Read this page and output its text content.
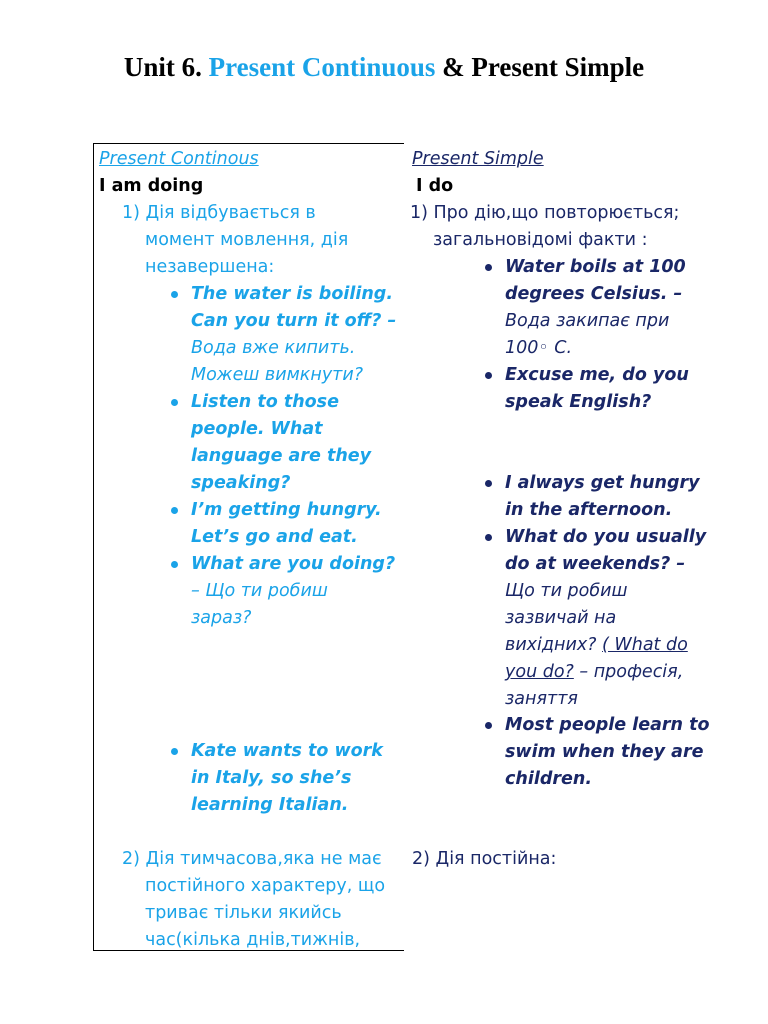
Unit 6. Present Continuous & Present Simple
Present Continous
I am doing
1) Дія відбувається в
момент мовлення, дія
незавершена:
The water is boiling.
Can you turn it off? –
Вода вже кипить.
Можеш вимкнути?
Listen to those
people. What
language are they
speaking?
I’m getting hungry.
Let’s go and eat.
What are you doing?
– Що ти робиш
зараз?
Kate wants to work
in Italy, so she’s
learning Italian.
2) Дія тимчасова,яка не має
постійного характеру, що
триває тільки якийсь
час(кілька днів,тижнів,
Present Simple
I do
1) Про дію,що повторюється;
загальновідомі факти :
Water boils at 100
degrees Celsius. –
Вода закипає при
100◦ С.
Excuse me, do you
speak English?
I always get hungry
in the afternoon.
What do you usually
do at weekends? –
Що ти робиш
зазвичай на
вихідних? ( What do
you do? – професія,
заняття
Most people learn to
swim when they are
children.
2) Дія постійна:
